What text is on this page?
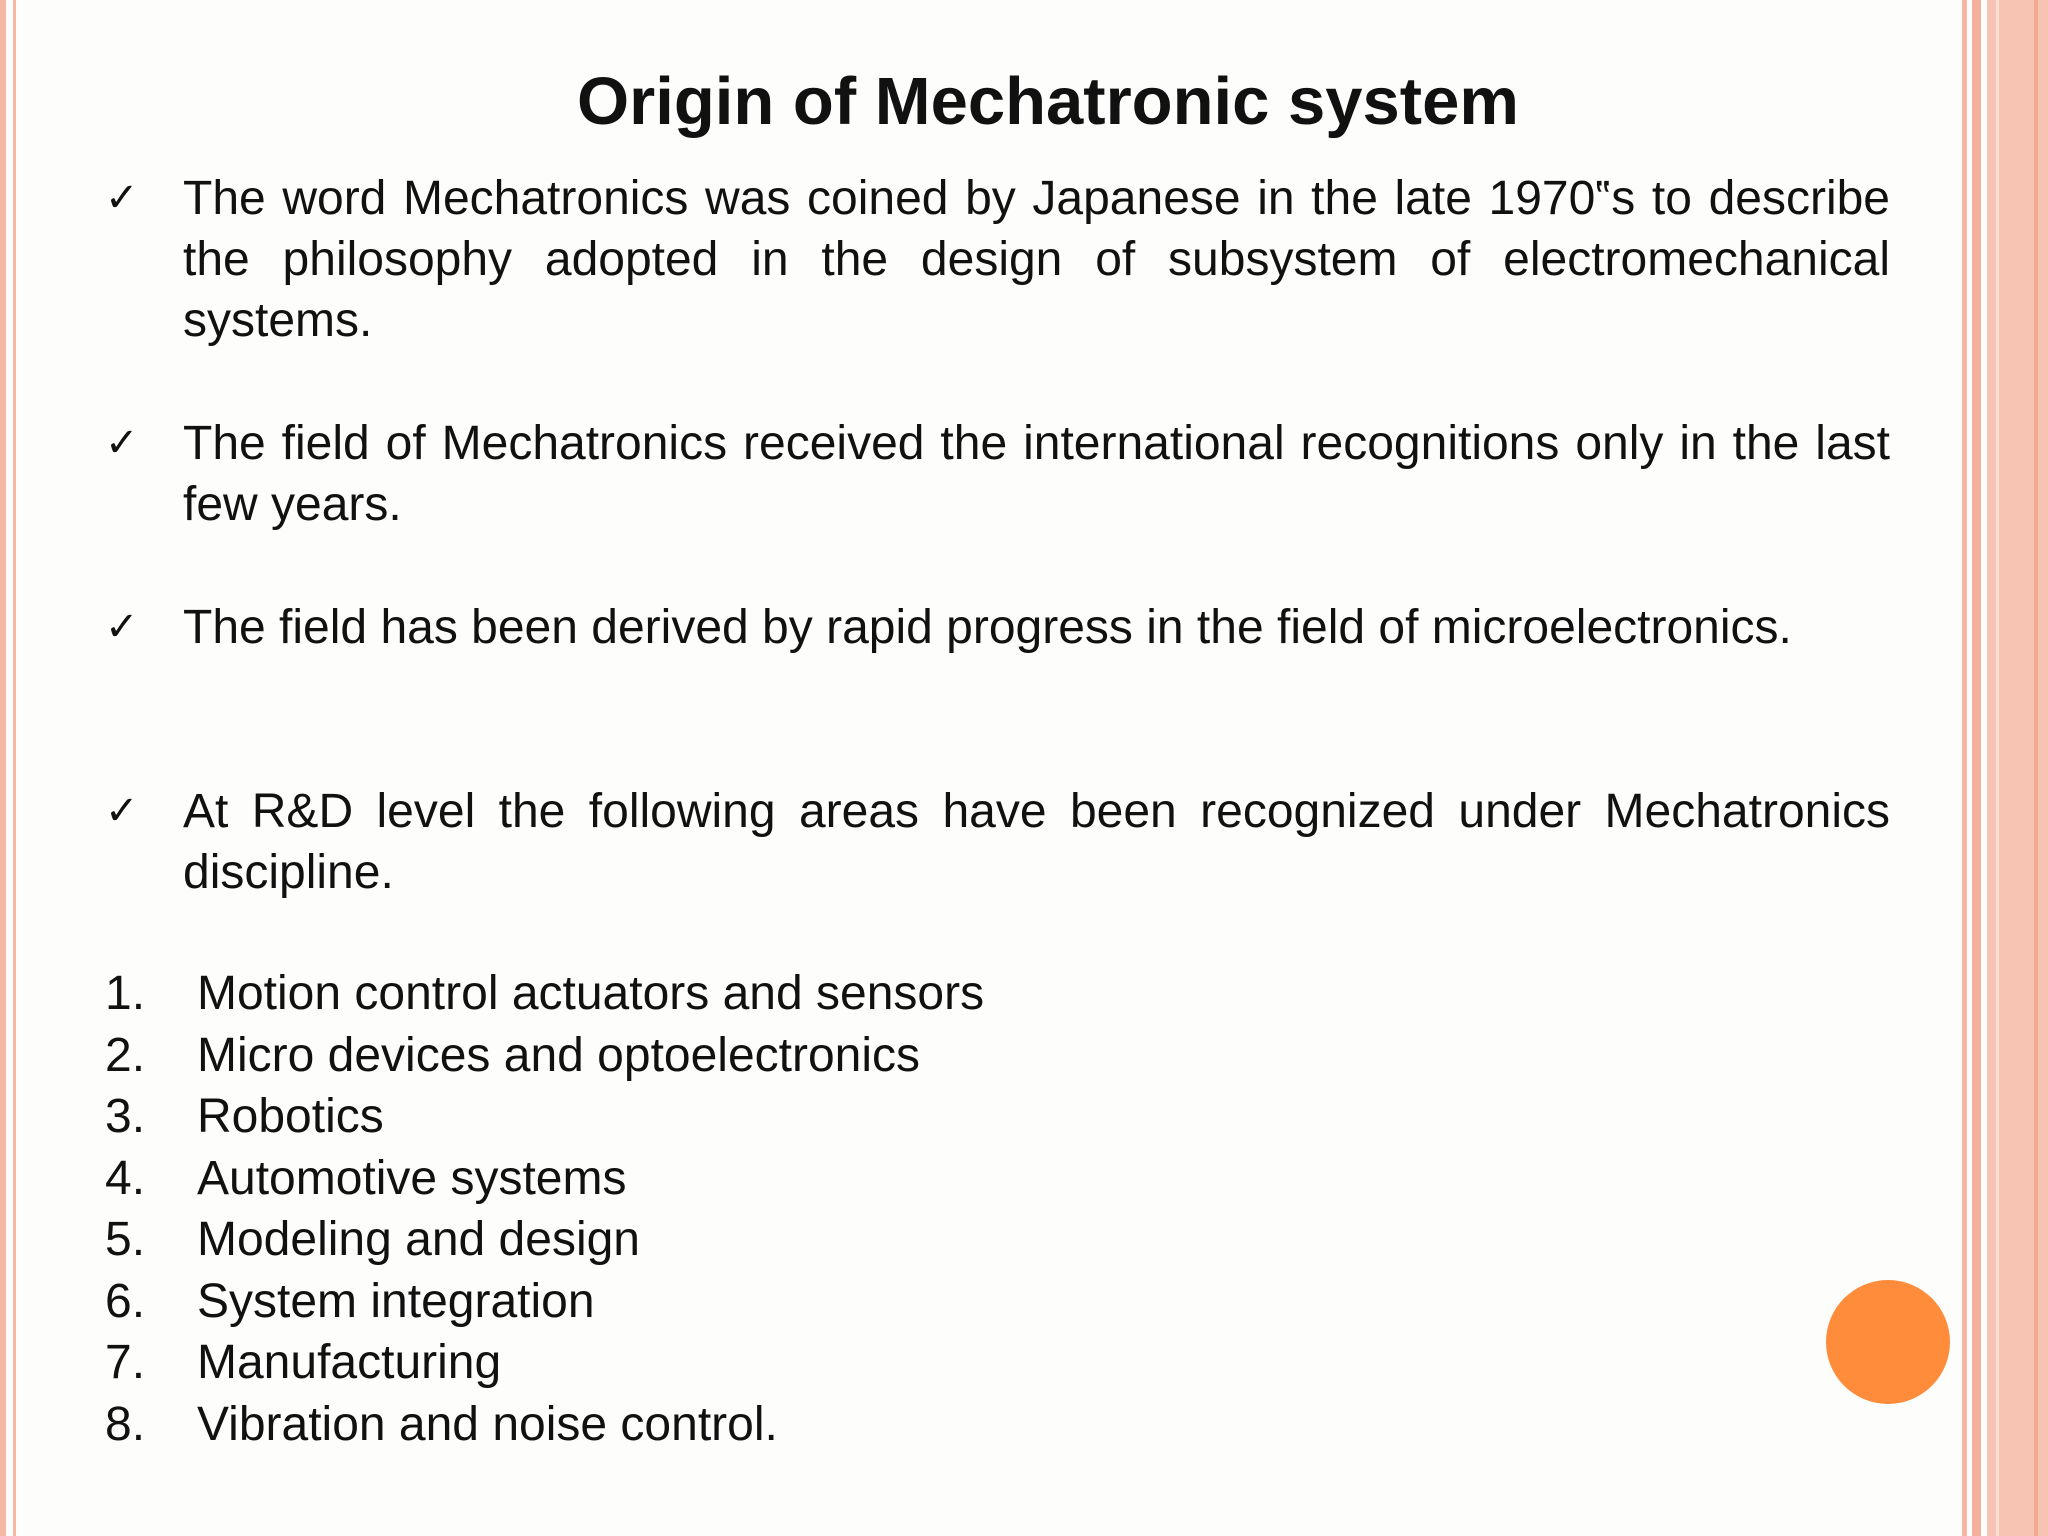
Origin of Mechatronic system
✓ The word Mechatronics was coined by Japanese in the late 1970‟s to describe the philosophy adopted in the design of subsystem of electromechanical systems.
✓ The field of Mechatronics received the international recognitions only in the last few years.
✓ The field has been derived by rapid progress in the field of microelectronics.
✓ At R&D level the following areas have been recognized under Mechatronics discipline.
1. Motion control actuators and sensors
2. Micro devices and optoelectronics
3. Robotics
4. Automotive systems
5. Modeling and design
6. System integration
7. Manufacturing
8. Vibration and noise control.
